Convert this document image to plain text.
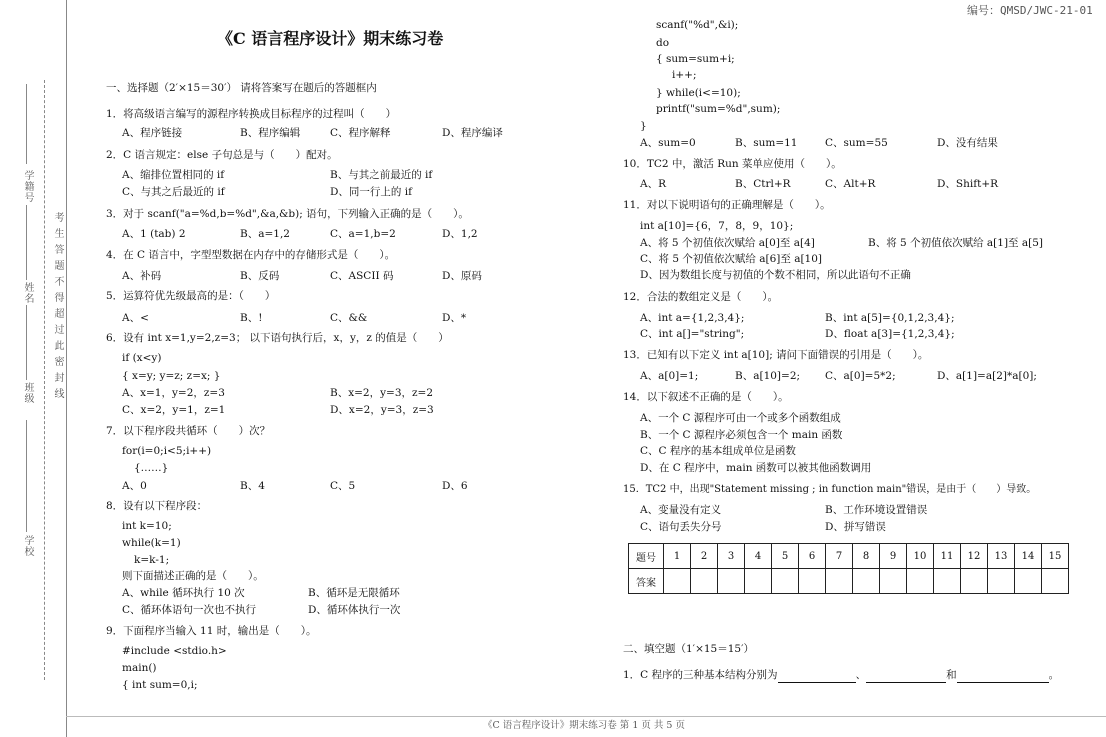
编号：QMSD/JWC-21-01
《C 语言程序设计》期末练习卷
《C 语言程序设计》期末练习卷 第 1 页 共 5 页
学籍号
姓名
班级
学校
考生答题不得超过此密封线
一、选择题（2′×15＝30′） 请将答案写在题后的答题框内
1．将高级语言编写的源程序转换成目标程序的过程叫（　　）
A、程序链接	B、程序编辑	C、程序解释	D、程序编译
2．C 语言规定：else 子句总是与（　　）配对。
A、缩排位置相同的 if	B、与其之前最近的 if
C、与其之后最近的 if	D、同一行上的 if
3．对于 scanf("a=%d,b=%d",&a,&b); 语句，下列输入正确的是（　　）。
A、1 (tab) 2	B、a=1,2	C、a=1,b=2	D、1,2
4．在 C 语言中，字型型数据在内存中的存储形式是（　　）。
A、补码	B、反码	C、ASCII 码	D、原码
5．运算符优先级最高的是：（　　）
A、<	B、!	C、&&	D、*
6．设有 int x=1,y=2,z=3； 以下语句执行后，x，y，z 的值是（　　）
if (x<y)
{ x=y; y=z; z=x; }
A、x=1，y=2，z=3	B、x=2，y=3，z=2
C、x=2，y=1，z=1	D、x=2，y=3，z=3
7．以下程序段共循环（　　）次？
for(i=0;i<5;i++)
{……}
A、0	B、4	C、5	D、6
8．设有以下程序段：
int k=10;
while(k=1)
k=k-1;
则下面描述正确的是（　　）。
A、while 循环执行 10 次	B、循环是无限循环
C、循环体语句一次也不执行	D、循环体执行一次
9．下面程序当输入 11 时，输出是（　　）。
#include <stdio.h>
main()
{ int sum=0,i;
scanf("%d",&i);
do
{ sum=sum+i;
i++;
} while(i<=10);
printf("sum=%d",sum);
}
A、sum=0	B、sum=11	C、sum=55	D、没有结果
10．TC2 中，激活 Run 菜单应使用（　　）。
A、R	B、Ctrl+R	C、Alt+R	D、Shift+R
11．对以下说明语句的正确理解是（　　）。
int a[10]={6，7，8，9，10};
A、将 5 个初值依次赋给 a[0]至 a[4]	B、将 5 个初值依次赋给 a[1]至 a[5]
C、将 5 个初值依次赋给 a[6]至 a[10]
D、因为数组长度与初值的个数不相同，所以此语句不正确
12．合法的数组定义是（　　）。
A、int a={1,2,3,4};	B、int a[5]={0,1,2,3,4};
C、int a[]="string";	D、float a[3]={1,2,3,4};
13．已知有以下定义 int a[10]; 请问下面错误的引用是（　　）。
A、a[0]=1;	B、a[10]=2; C、a[0]=5*2;	D、a[1]=a[2]*a[0];
14．以下叙述不正确的是（　　）。
A、一个 C 源程序可由一个或多个函数组成
B、一个 C 源程序必须包含一个 main 函数
C、C 程序的基本组成单位是函数
D、在 C 程序中，main 函数可以被其他函数调用
15．TC2 中，出现"Statement missing ; in function main"错误，是由于（　　）导致。
A、变量没有定义	B、工作环境设置错误
C、语句丢失分号	D、拼写错误
题号	1	2	3	4	5	6	7	8	9	10	11	12	13	14	15
答案															
二、填空题（1′×15＝15′）
1．C 程序的三种基本结构分别为	、	和	。
